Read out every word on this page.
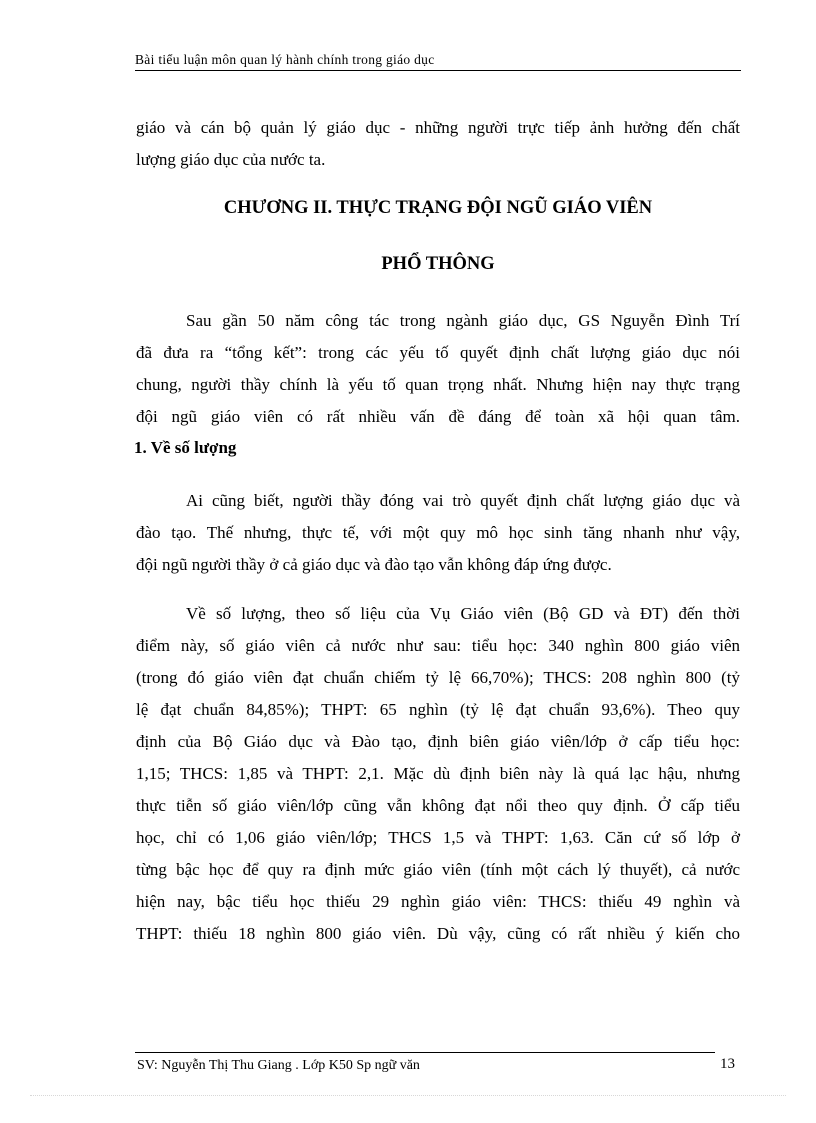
Bài tiểu luận môn quan lý hành chính trong giáo dục
giáo và cán bộ quản lý giáo dục - những người trực tiếp ảnh hưởng đến chất
lượng giáo dục của nước ta.
CHƯƠNG II. THỰC TRẠNG ĐỘI NGŨ GIÁO VIÊN
PHỔ THÔNG
Sau gần 50 năm công tác trong ngành giáo dục, GS Nguyễn Đình Trí
đã đưa ra “tổng kết”: trong các yếu tố quyết định chất lượng giáo dục nói
chung, người thầy chính là yếu tố quan trọng nhất. Nhưng hiện nay thực trạng
đội ngũ giáo viên có rất nhiều vấn đề đáng để toàn xã hội quan tâm.
1. Về số lượng
Ai cũng biết, người thầy đóng vai trò quyết định chất lượng giáo dục và
đào tạo. Thế nhưng, thực tế, với một quy mô học sinh tăng nhanh như vậy,
đội ngũ người thầy ở cả giáo dục và đào tạo vẫn không đáp ứng được.
Về số lượng, theo số liệu của Vụ Giáo viên (Bộ GD và ĐT) đến thời
điểm này, số giáo viên cả nước như sau: tiểu học: 340 nghìn 800 giáo viên
(trong đó giáo viên đạt chuẩn chiếm tỷ lệ 66,70%); THCS: 208 nghìn 800 (tỷ
lệ đạt chuẩn 84,85%); THPT: 65 nghìn (tỷ lệ đạt chuẩn 93,6%). Theo quy
định của Bộ Giáo dục và Đào tạo, định biên giáo viên/lớp ở cấp tiểu học:
1,15; THCS: 1,85 và THPT: 2,1. Mặc dù định biên này là quá lạc hậu, nhưng
thực tiễn số giáo viên/lớp cũng vẫn không đạt nổi theo quy định. Ở cấp tiểu
học, chỉ có 1,06 giáo viên/lớp; THCS 1,5 và THPT: 1,63. Căn cứ số lớp ở
từng bậc học để quy ra định mức giáo viên (tính một cách lý thuyết), cả nước
hiện nay, bậc tiểu học thiếu 29 nghìn giáo viên: THCS: thiếu 49 nghìn và
THPT: thiếu 18 nghìn 800 giáo viên. Dù vậy, cũng có rất nhiều ý kiến cho
SV: Nguyễn Thị Thu Giang . Lớp K50 Sp ngữ văn	13
